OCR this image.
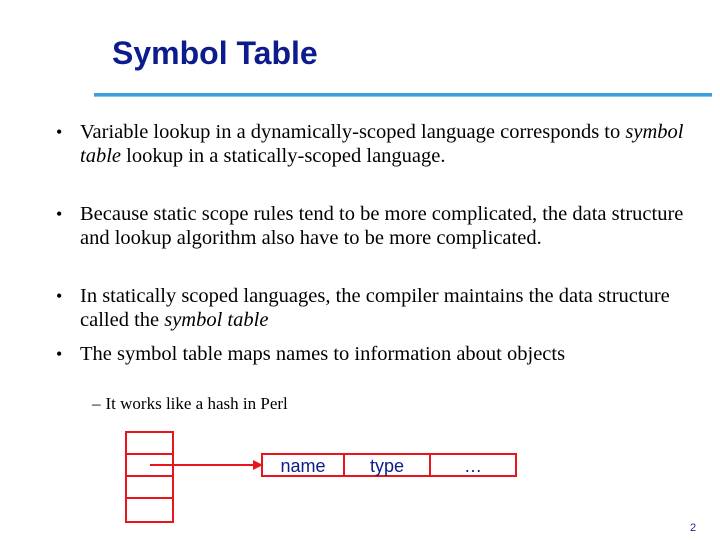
Symbol Table
• Variable lookup in a dynamically-scoped language corresponds to symbol table lookup in a statically-scoped language.
• Because static scope rules tend to be more complicated, the data structure and lookup algorithm also have to be more complicated.
• In statically scoped languages, the compiler maintains the data structure called the symbol table
• The symbol table maps names to information about objects
– It works like a hash in Perl
name	type	…
2
